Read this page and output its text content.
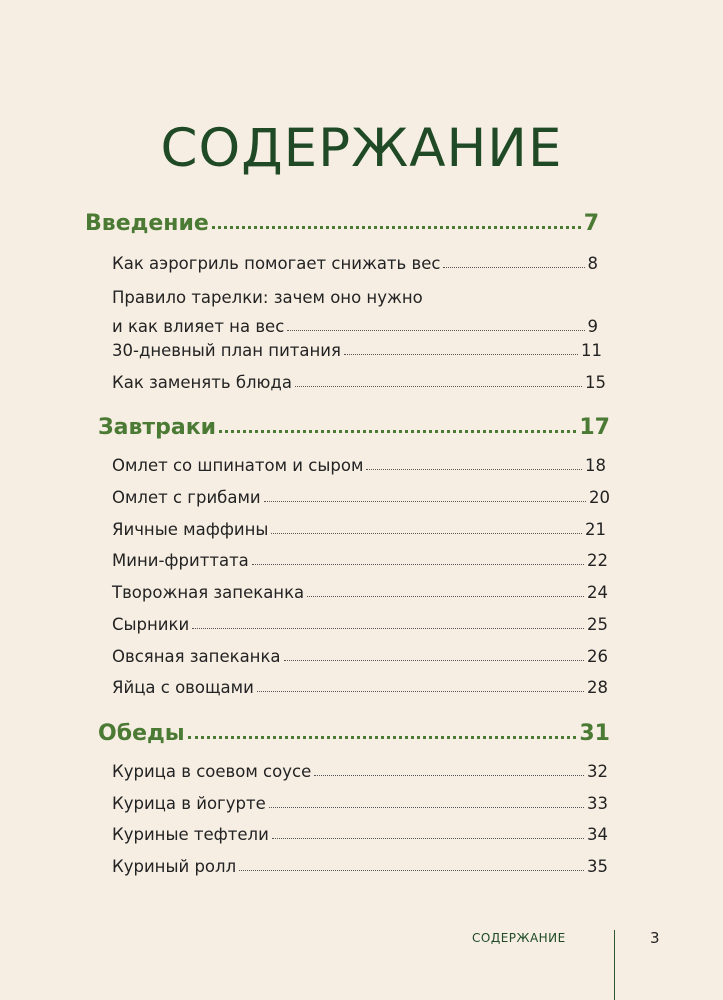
СОДЕРЖАНИЕ
Введение	7
Как аэрогриль помогает снижать вес	8
Правило тарелки: зачем оно нужно
и как влияет на вес	9
30-дневный план питания	11
Как заменять блюда	15
Завтраки	17
Омлет со шпинатом и сыром	18
Омлет с грибами	20
Яичные маффины	21
Мини-фриттата	22
Творожная запеканка	24
Сырники	25
Овсяная запеканка	26
Яйца с овощами	28
Обеды	31
Курица в соевом соусе	32
Курица в йогурте	33
Куриные тефтели	34
Куриный ролл	35
СОДЕРЖАНИЕ	3
